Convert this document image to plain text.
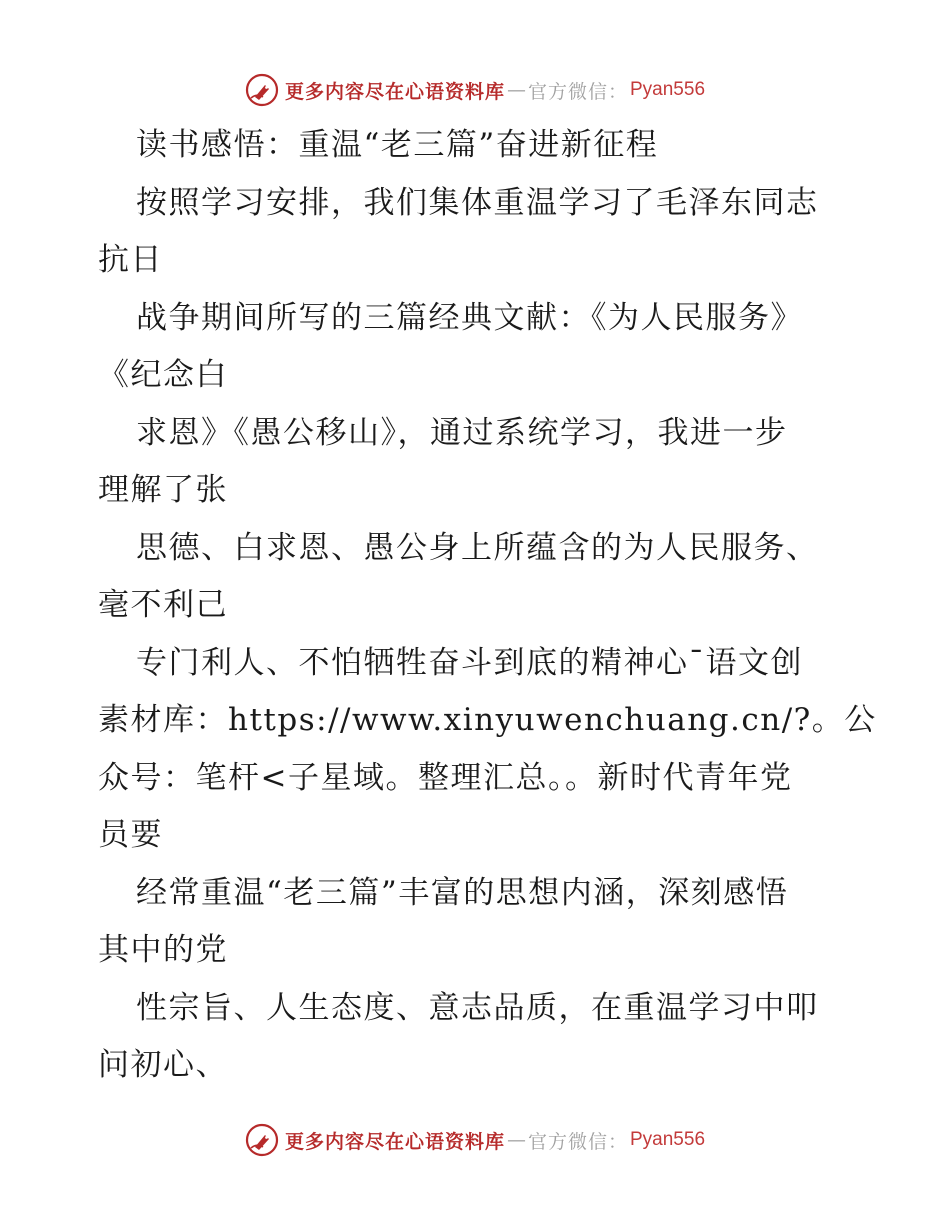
更多内容尽在心语资料库 — 官方微信： Pyan556
读书感悟：重温“老三篇”奋进新征程
按照学习安排，我们集体重温学习了毛泽东同志
抗日
战争期间所写的三篇经典文献：《为人民服务》
《纪念白
求恩》《愚公移山》，通过系统学习，我进一步
理解了张
思德、白求恩、愚公身上所蕴含的为人民服务、
毫不利己
专门利人、不怕牺牲奋斗到底的精神心¯语文创
素材库：https://www.xinyuwenchuang.cn/?。公
众号：笔杆<子星域。整理汇总。。新时代青年党
员要
经常重温“老三篇”丰富的思想内涵，深刻感悟
其中的党
性宗旨、人生态度、意志品质，在重温学习中叩
问初心、
更多内容尽在心语资料库 — 官方微信： Pyan556
